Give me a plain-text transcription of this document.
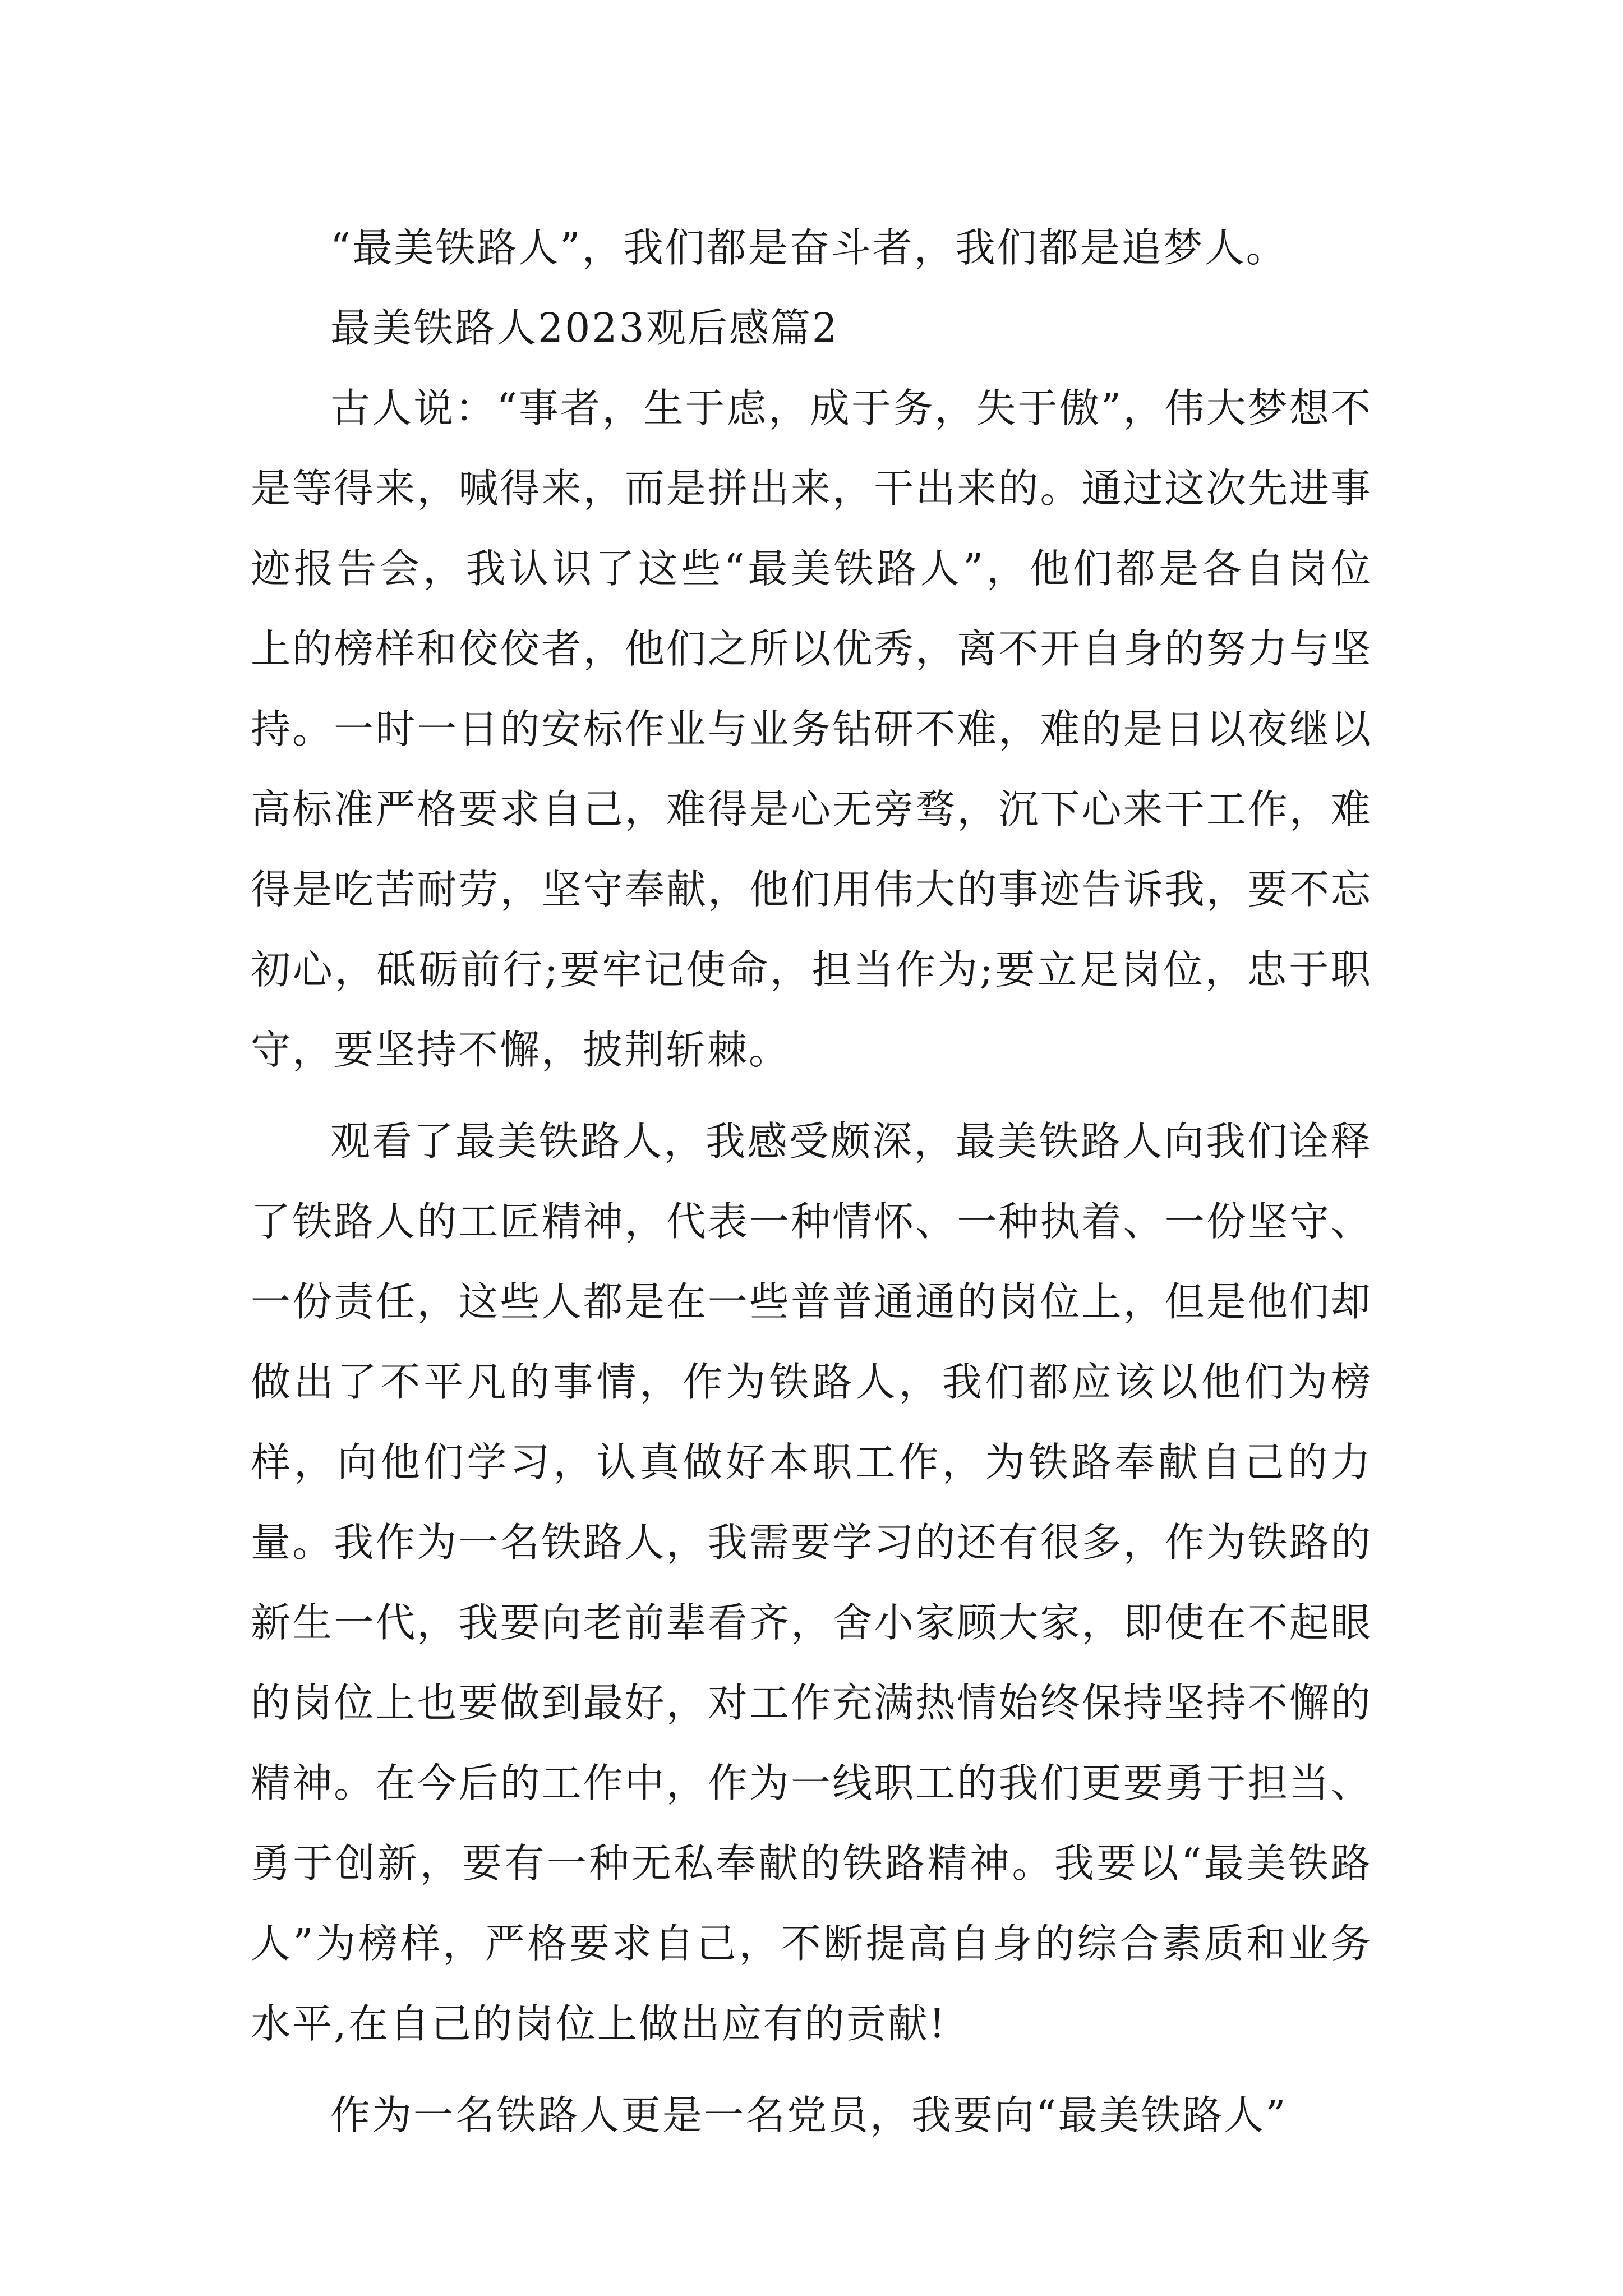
“最美铁路人”，我们都是奋斗者，我们都是追梦人。

最美铁路人2023观后感篇2

古人说：“事者，生于虑，成于务，失于傲”，伟大梦想不是等得来，喊得来，而是拼出来，干出来的。通过这次先进事迹报告会，我认识了这些“最美铁路人”，他们都是各自岗位上的榜样和佼佼者，他们之所以优秀，离不开自身的努力与坚持。一时一日的安标作业与业务钻研不难，难的是日以夜继以高标准严格要求自己，难得是心无旁骛，沉下心来干工作，难得是吃苦耐劳，坚守奉献，他们用伟大的事迹告诉我，要不忘初心，砥砺前行;要牢记使命，担当作为;要立足岗位，忠于职守，要坚持不懈，披荆斩棘。

观看了最美铁路人，我感受颇深，最美铁路人向我们诠释了铁路人的工匠精神，代表一种情怀、一种执着、一份坚守、一份责任，这些人都是在一些普普通通的岗位上，但是他们却做出了不平凡的事情，作为铁路人，我们都应该以他们为榜样，向他们学习，认真做好本职工作，为铁路奉献自己的力量。我作为一名铁路人，我需要学习的还有很多，作为铁路的新生一代，我要向老前辈看齐，舍小家顾大家，即使在不起眼的岗位上也要做到最好，对工作充满热情始终保持坚持不懈的精神。在今后的工作中，作为一线职工的我们更要勇于担当、勇于创新，要有一种无私奉献的铁路精神。我要以“最美铁路人”为榜样，严格要求自己，不断提高自身的综合素质和业务水平,在自己的岗位上做出应有的贡献!

作为一名铁路人更是一名党员，我要向“最美铁路人”
